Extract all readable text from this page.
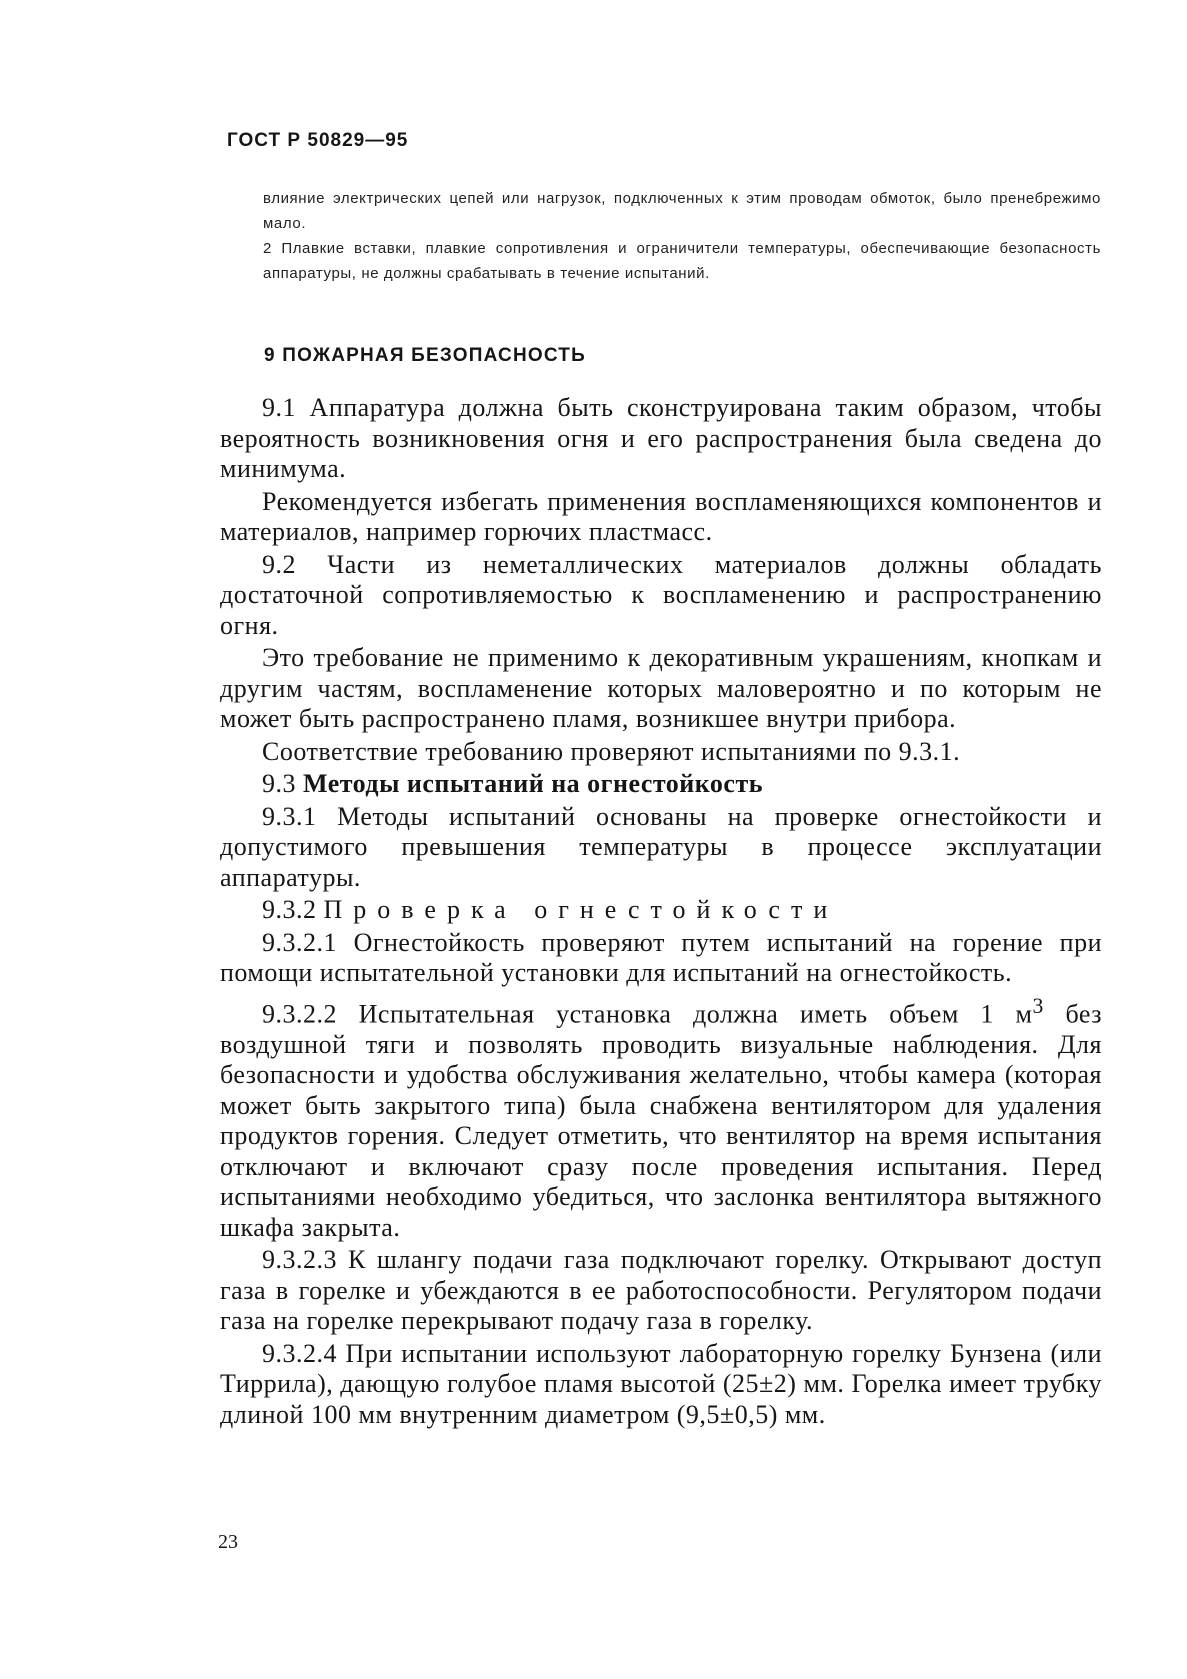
ГОСТ Р 50829—95

влияние электрических цепей или нагрузок, подключенных к этим проводам обмоток, было пренебрежимо мало.

2 Плавкие вставки, плавкие сопротивления и ограничители температуры, обеспечивающие безопасность аппаратуры, не должны срабатывать в течение испытаний.

9 ПОЖАРНАЯ БЕЗОПАСНОСТЬ

9.1 Аппаратура должна быть сконструирована таким образом, чтобы вероятность возникновения огня и его распространения была сведена до минимума.

Рекомендуется избегать применения воспламеняющихся компонентов и материалов, например горючих пластмасс.

9.2 Части из неметаллических материалов должны обладать достаточной сопротивляемостью к воспламенению и распространению огня.

Это требование не применимо к декоративным украшениям, кнопкам и другим частям, воспламенение которых маловероятно и по которым не может быть распространено пламя, возникшее внутри прибора.

Соответствие требованию проверяют испытаниями по 9.3.1.

9.3 Методы испытаний на огнестойкость

9.3.1 Методы испытаний основаны на проверке огнестойкости и допустимого превышения температуры в процессе эксплуатации аппаратуры.

9.3.2 Проверка огнестойкости

9.3.2.1 Огнестойкость проверяют путем испытаний на горение при помощи испытательной установки для испытаний на огнестойкость.

9.3.2.2 Испытательная установка должна иметь объем 1 $м^3$ без воздушной тяги и позволять проводить визуальные наблюдения. Для безопасности и удобства обслуживания желательно, чтобы камера (которая может быть закрытого типа) была снабжена вентилятором для удаления продуктов горения. Следует отметить, что вентилятор на время испытания отключают и включают сразу после проведения испытания. Перед испытаниями необходимо убедиться, что заслонка вентилятора вытяжного шкафа закрыта.

9.3.2.3 К шлангу подачи газа подключают горелку. Открывают доступ газа в горелке и убеждаются в ее работоспособности. Регулятором подачи газа на горелке перекрывают подачу газа в горелку.

9.3.2.4 При испытании используют лабораторную горелку Бунзена (или Тиррила), дающую голубое пламя высотой (25±2) мм. Горелка имеет трубку длиной 100 мм внутренним диаметром (9,5±0,5) мм.

23
